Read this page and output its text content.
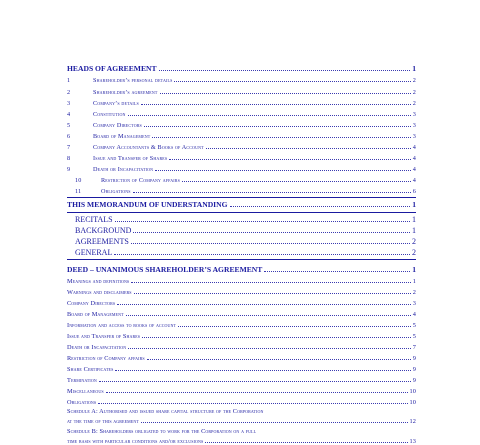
HEADS OF AGREEMENT	1
1	Shareholder’s personal details	2
2	Shareholder’s agreement	2
3	Company’s details	2
4	Constitution	3
5	Company Directors	3
6	Board of Management	3
7	Company Accountants & Books of Account	4
8	Issue and Transfer of Shares	4
9	Death or Incapacitation	4
10	Restriction of Company affairs	4
11	Obligations	6
THIS MEMORANDUM OF UNDERSTANDING	1
RECITALS	1
BACKGROUND	1
AGREEMENTS	2
GENERAL	2
DEED – UNANIMOUS SHAREHOLDER’S AGREEMENT	1
Meanings and definitions	1
Warnings and disclaimers	2
Company Directors	3
Board of Management	4
Information and access to books of account	5
Issue and Transfer of Shares	5
Death or Incapacitation	7
Restriction of Company affairs	9
Share Certificates	9
Termination	9
Miscellaneous	10
Obligations	10
Schedule A: Authorised and issued share capital structure of the Corporation
at the time of this agreement	12
Schedule B: Shareholders obligated to work for the Corporation on a full
time basis with particular conditions and/or exclusions	13
